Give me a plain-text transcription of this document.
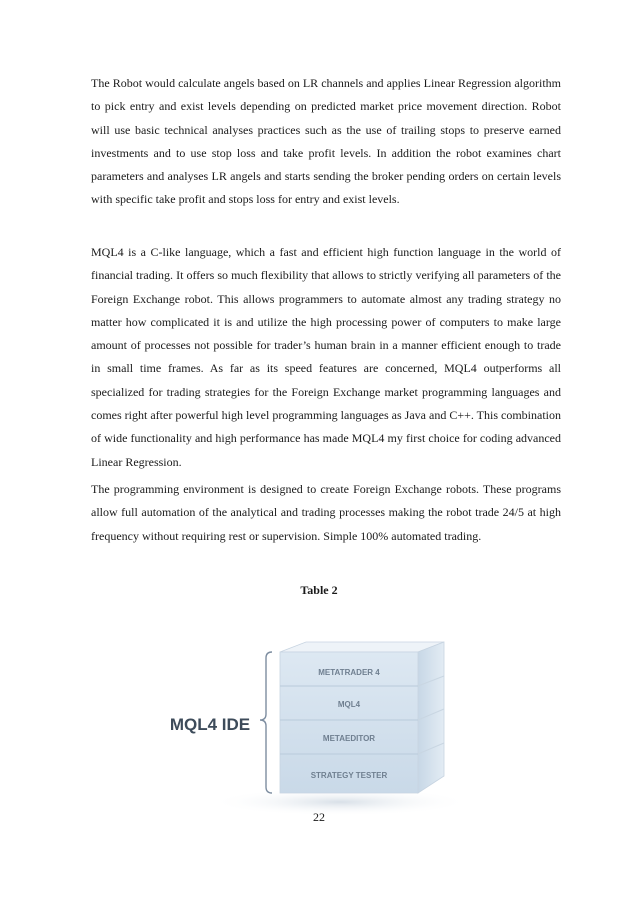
The Robot would calculate angels based on LR channels and applies Linear Regression algorithm to pick entry and exist levels depending on predicted market price movement direction. Robot will use basic technical analyses practices such as the use of trailing stops to preserve earned investments and to use stop loss and take profit levels. In addition the robot examines chart parameters and analyses LR angels and starts sending the broker pending orders on certain levels with specific take profit and stops loss for entry and exist levels.

MQL4 is a C-like language, which a fast and efficient high function language in the world of financial trading. It offers so much flexibility that allows to strictly verifying all parameters of the Foreign Exchange robot. This allows programmers to automate almost any trading strategy no matter how complicated it is and utilize the high processing power of computers to make large amount of processes not possible for trader’s human brain in a manner efficient enough to trade in small time frames. As far as its speed features are concerned, MQL4 outperforms all specialized for trading strategies for the Foreign Exchange market programming languages and comes right after powerful high level programming languages as Java and C++. This combination of wide functionality and high performance has made MQL4 my first choice for coding advanced Linear Regression.

The programming environment is designed to create Foreign Exchange robots. These programs allow full automation of the analytical and trading processes making the robot trade 24/5 at high frequency without requiring rest or supervision. Simple 100% automated trading.

Table 2
METATRADER 4
MQL4
METAEDITOR
STRATEGY TESTER
MQL4 IDE
22
